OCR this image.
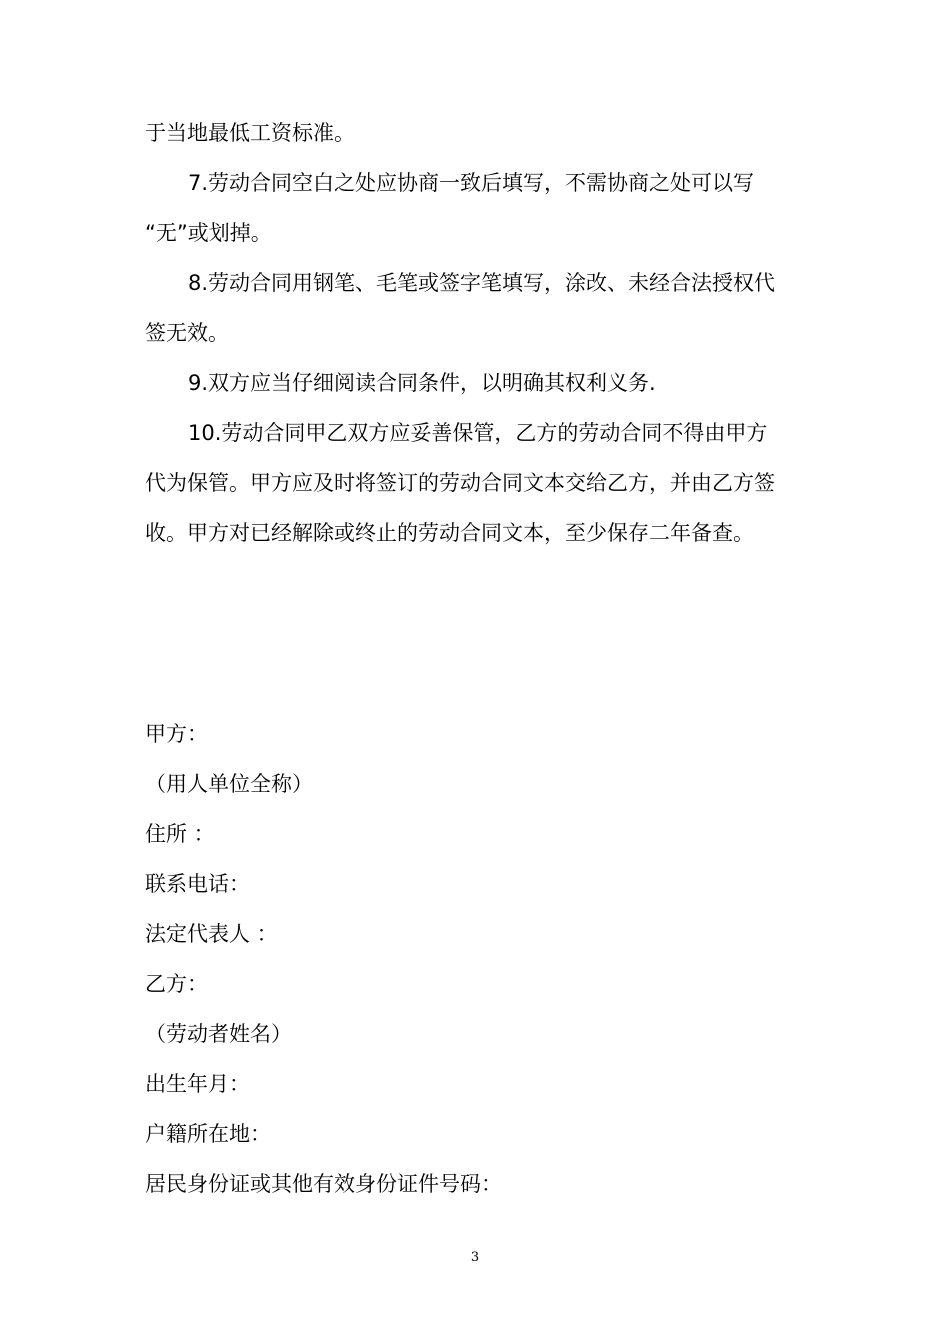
于当地最低工资标准。
7.劳动合同空白之处应协商一致后填写，不需协商之处可以写
“无”或划掉。
8.劳动合同用钢笔、毛笔或签字笔填写，涂改、未经合法授权代
签无效。
9.双方应当仔细阅读合同条件，以明确其权利义务.
10.劳动合同甲乙双方应妥善保管，乙方的劳动合同不得由甲方
代为保管。甲方应及时将签订的劳动合同文本交给乙方，并由乙方签
收。甲方对已经解除或终止的劳动合同文本，至少保存二年备查。
甲方：
（用人单位全称）
住所 ：
联系电话：
法定代表人 ：
乙方：
（劳动者姓名）
出生年月：
户籍所在地：
居民身份证或其他有效身份证件号码：
3
